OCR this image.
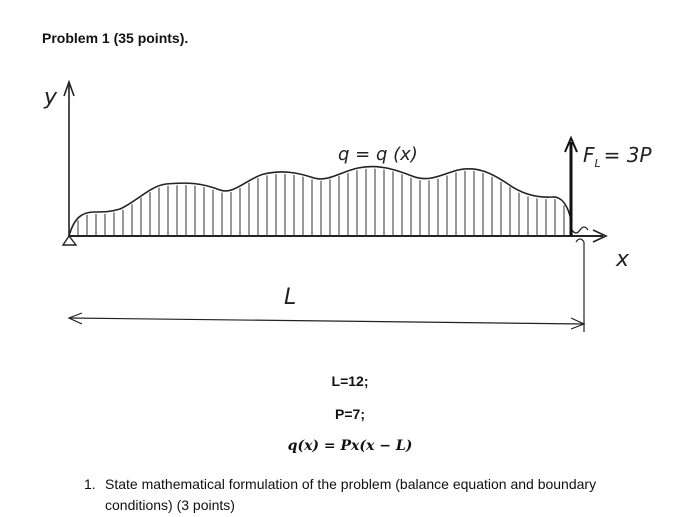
Problem 1 (35 points).
y
x
q = q (x)	$F_L = 3P$
L
L=12;
P=7;
q(x) = Px(x − L)
1. State mathematical formulation of the problem (balance equation and boundary conditions) (3 points)
